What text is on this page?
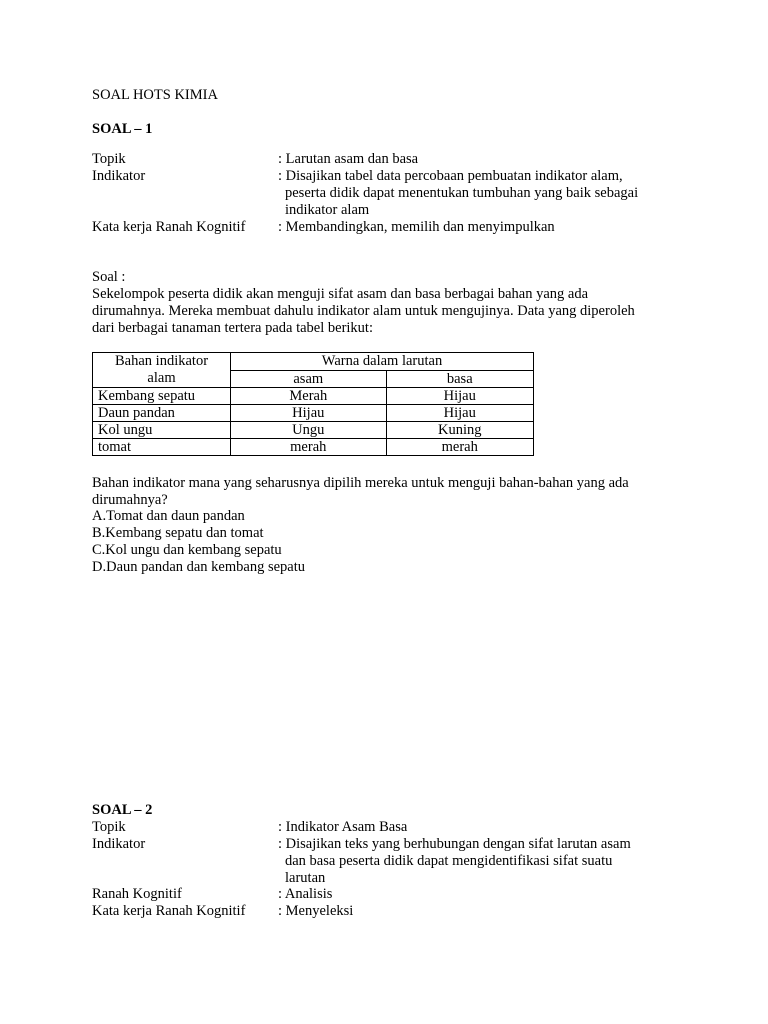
SOAL HOTS KIMIA
SOAL – 1
Topik	: Larutan asam dan basa
Indikator	: Disajikan tabel data percobaan pembuatan indikator alam,
peserta didik dapat menentukan tumbuhan yang baik sebagai
indikator alam
Kata kerja Ranah Kognitif : Membandingkan, memilih dan menyimpulkan
Soal :
Sekelompok peserta didik akan menguji sifat asam dan basa berbagai bahan yang ada
dirumahnya. Mereka membuat dahulu indikator alam untuk mengujinya. Data yang diperoleh
dari berbagai tanaman tertera pada tabel berikut:
Bahan indikator
alam	Warna dalam larutan	
	asam	basa
Kembang sepatu	Merah	Hijau
Daun pandan	Hijau	Hijau
Kol ungu	Ungu	Kuning
tomat	merah	merah
Bahan indikator mana yang seharusnya dipilih mereka untuk menguji bahan-bahan yang ada
dirumahnya?
A.Tomat dan daun pandan
B.Kembang sepatu dan tomat
C.Kol ungu dan kembang sepatu
D.Daun pandan dan kembang sepatu
SOAL – 2
Topik	: Indikator Asam Basa
Indikator	: Disajikan teks yang berhubungan dengan sifat larutan asam
dan basa peserta didik dapat mengidentifikasi sifat suatu
larutan
Ranah Kognitif	: Analisis
Kata kerja Ranah Kognitif : Menyeleksi
